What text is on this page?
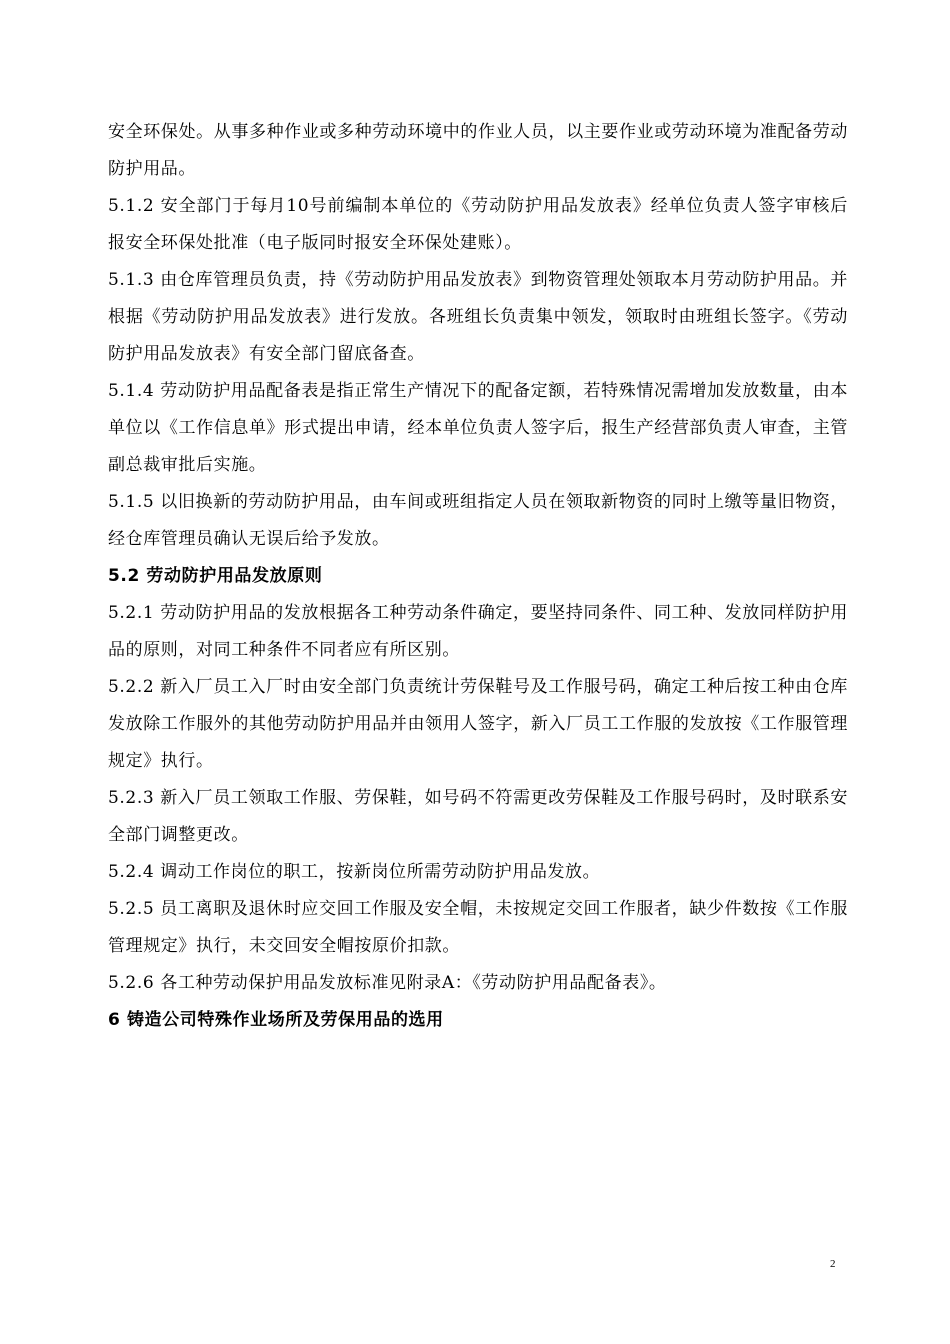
安全环保处。从事多种作业或多种劳动环境中的作业人员，以主要作业或劳动环境为准配备劳动防护用品。

5.1.2 安全部门于每月10号前编制本单位的《劳动防护用品发放表》经单位负责人签字审核后报安全环保处批准（电子版同时报安全环保处建账）。

5.1.3 由仓库管理员负责，持《劳动防护用品发放表》到物资管理处领取本月劳动防护用品。并根据《劳动防护用品发放表》进行发放。各班组长负责集中领发，领取时由班组长签字。《劳动防护用品发放表》有安全部门留底备查。

5.1.4 劳动防护用品配备表是指正常生产情况下的配备定额，若特殊情况需增加发放数量，由本单位以《工作信息单》形式提出申请，经本单位负责人签字后，报生产经营部负责人审查，主管副总裁审批后实施。

5.1.5 以旧换新的劳动防护用品，由车间或班组指定人员在领取新物资的同时上缴等量旧物资，经仓库管理员确认无误后给予发放。

5.2 劳动防护用品发放原则

5.2.1 劳动防护用品的发放根据各工种劳动条件确定，要坚持同条件、同工种、发放同样防护用品的原则，对同工种条件不同者应有所区别。

5.2.2 新入厂员工入厂时由安全部门负责统计劳保鞋号及工作服号码，确定工种后按工种由仓库发放除工作服外的其他劳动防护用品并由领用人签字，新入厂员工工作服的发放按《工作服管理规定》执行。

5.2.3 新入厂员工领取工作服、劳保鞋，如号码不符需更改劳保鞋及工作服号码时，及时联系安全部门调整更改。

5.2.4 调动工作岗位的职工，按新岗位所需劳动防护用品发放。

5.2.5 员工离职及退休时应交回工作服及安全帽，未按规定交回工作服者，缺少件数按《工作服管理规定》执行，未交回安全帽按原价扣款。

5.2.6 各工种劳动保护用品发放标准见附录A：《劳动防护用品配备表》。

6 铸造公司特殊作业场所及劳保用品的选用
2
